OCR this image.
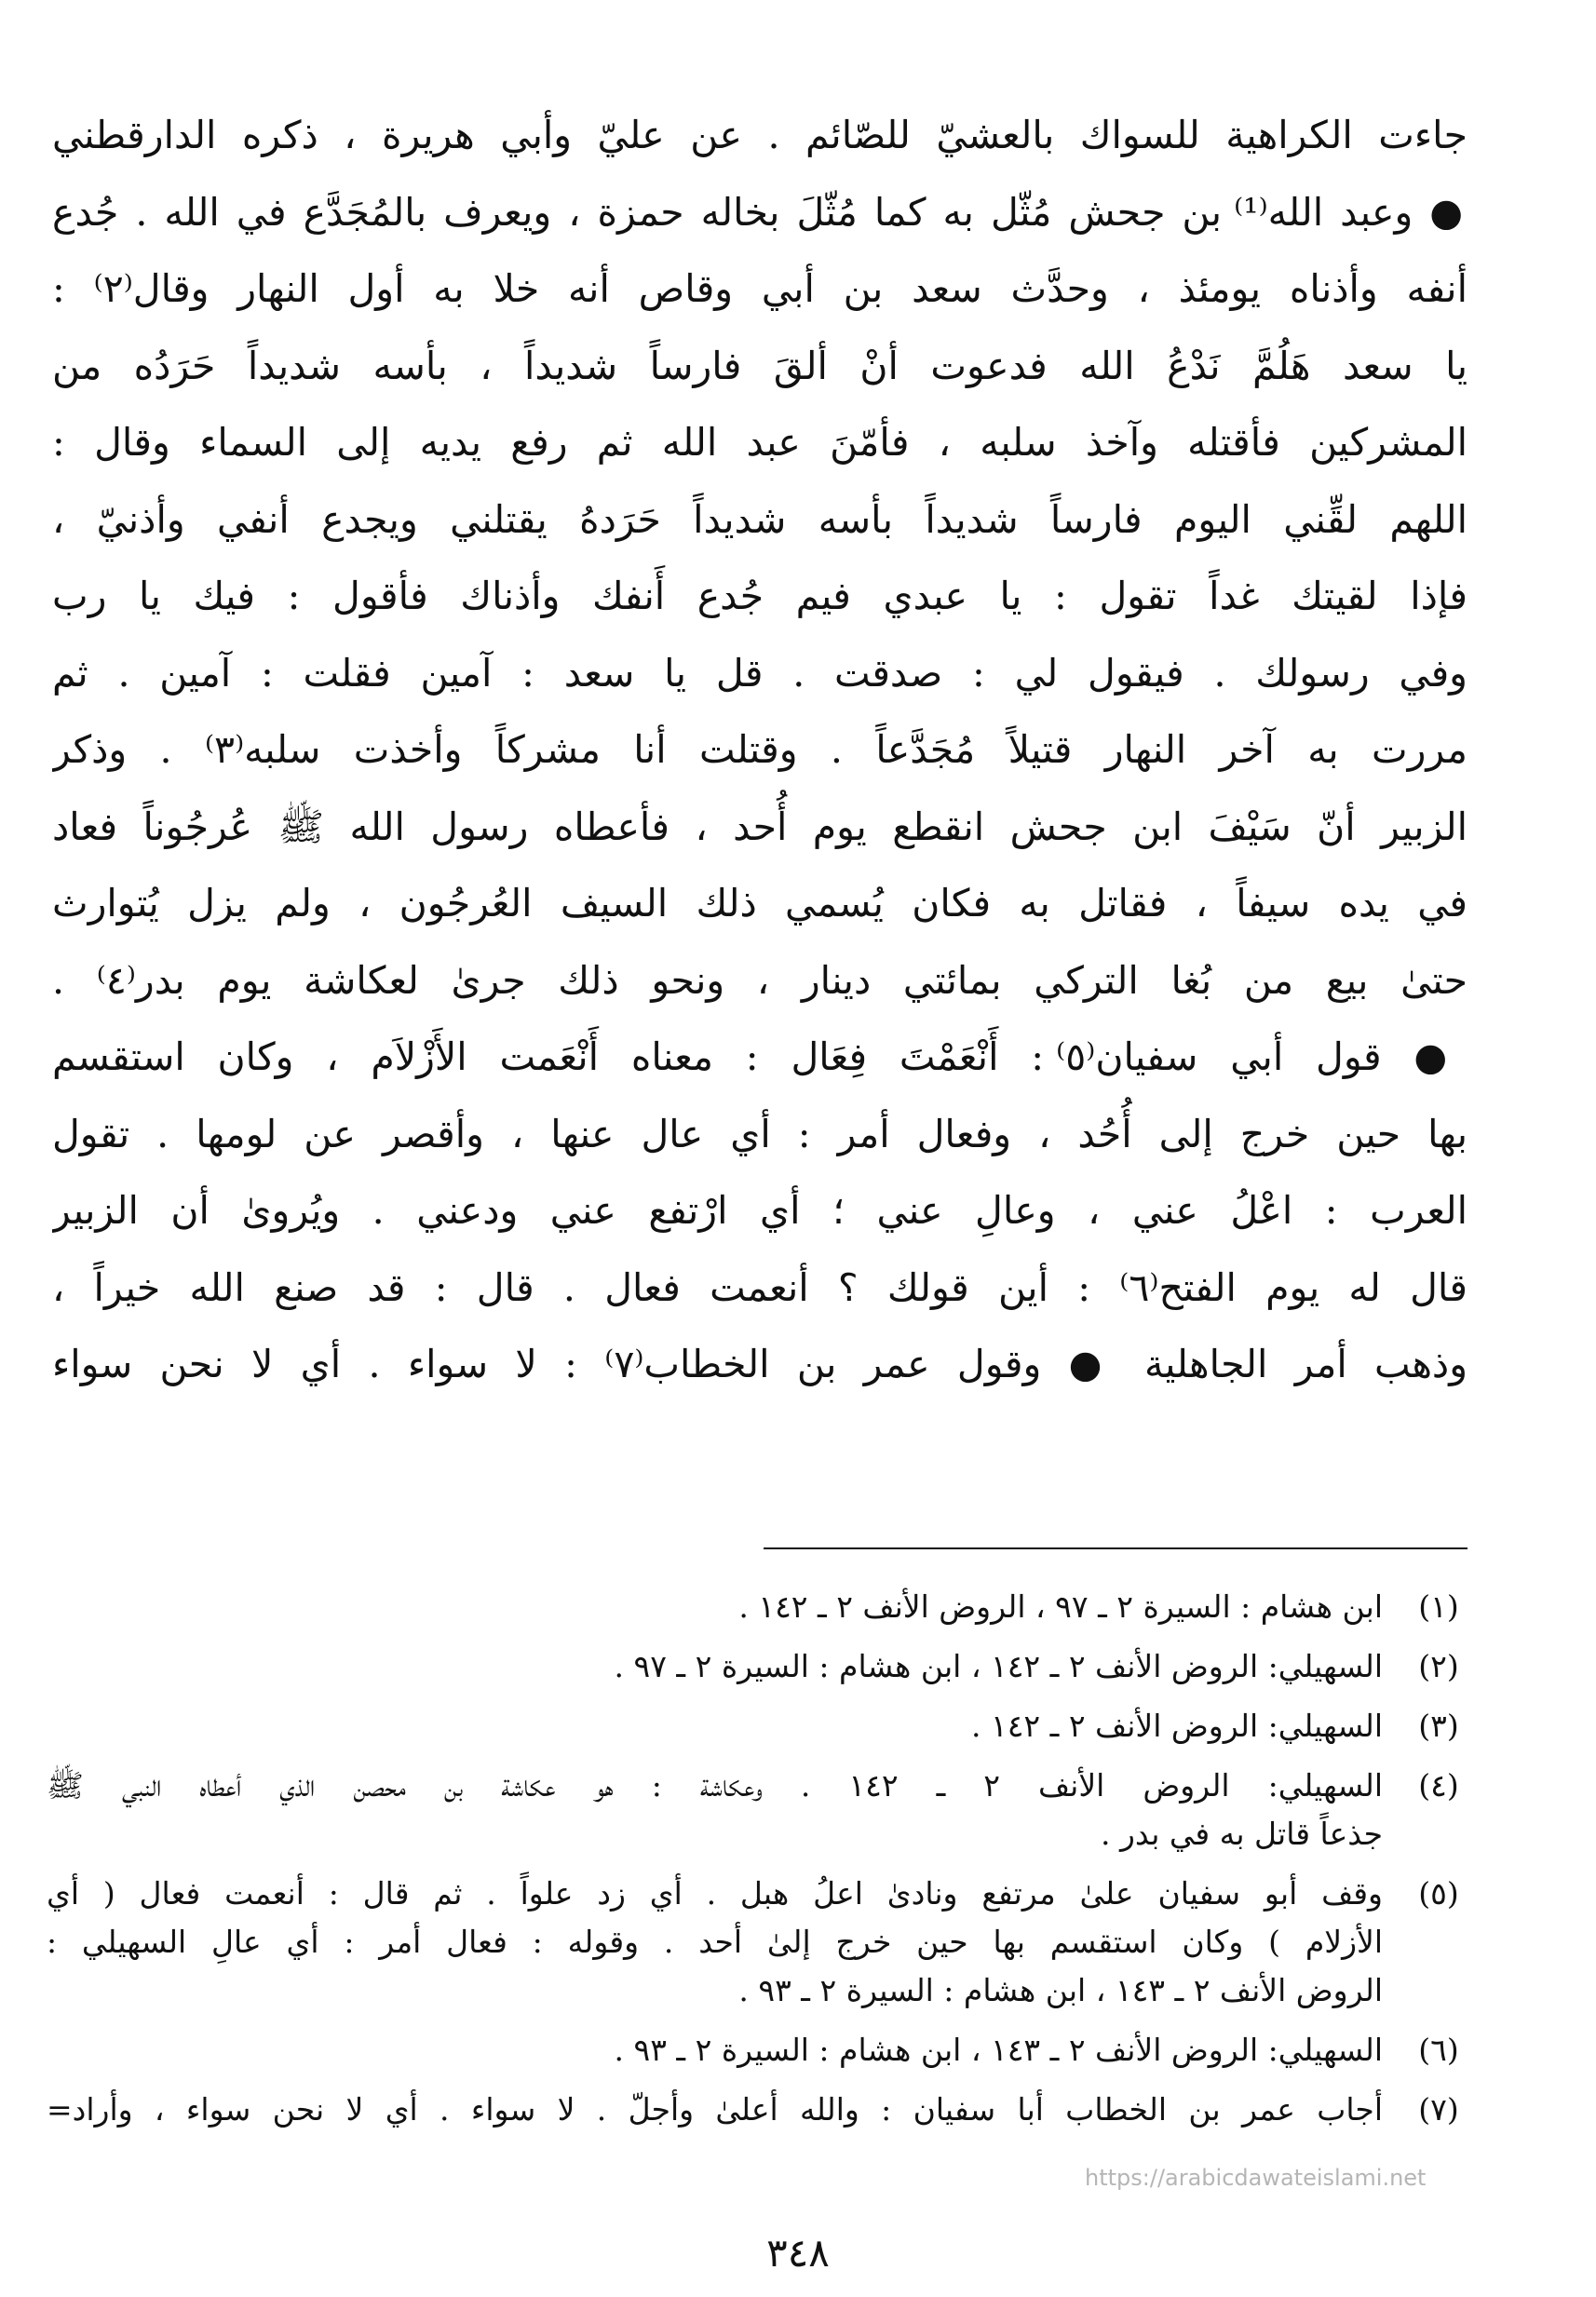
جاءت الكراهية للسواك بالعشيّ للصّائم . عن عليّ وأبي هريرة ، ذكره الدارقطني
● وعبد الله⁽¹⁾ بن جحش مُثّل به كما مُثّلَ بخاله حمزة ، ويعرف بالمُجَدَّع في الله . جُدع
أنفه وأذناه يومئذ ، وحدَّث سعد بن أبي وقاص أنه خلا به أول النهار وقال⁽٢⁾ :
يا سعد هَلُمَّ نَدْعُ الله فدعوت أنْ ألقَ فارساً شديداً ، بأسه شديداً حَرَدُه من
المشركين فأقتله وآخذ سلبه ، فأمّنَ عبد الله ثم رفع يديه إلى السماء وقال :
اللهم لقِّني اليوم فارساً شديداً بأسه شديداً حَرَدهُ يقتلني ويجدع أنفي وأذنيّ ،
فإذا لقيتك غداً تقول : يا عبدي فيم جُدع أَنفك وأذناك فأقول : فيك يا رب
وفي رسولك . فيقول لي : صدقت . قل يا سعد : آمين فقلت : آمين . ثم
مررت به آخر النهار قتيلاً مُجَدَّعاً . وقتلت أنا مشركاً وأخذت سلبه⁽٣⁾ . وذكر
الزبير أنّ سَيْفَ ابن جحش انقطع يوم أُحد ، فأعطاه رسول الله ﷺ عُرجُوناً فعاد
في يده سيفاً ، فقاتل به فكان يُسمي ذلك السيف العُرجُون ، ولم يزل يُتوارث
حتىٰ بيع من بُغا التركي بمائتي دينار ، ونحو ذلك جرىٰ لعكاشة يوم بدر⁽٤⁾ .
● قول أبي سفيان⁽٥⁾ : أَنْعَمْتَ فِعَال : معناه أَنْعَمت الأَزْلاَم ، وكان استقسم
بها حين خرج إلى أُحُد ، وفعال أمر : أي عال عنها ، وأقصر عن لومها . تقول
العرب : اعْلُ عني ، وعالِ عني ؛ أي ارْتفع عني ودعني . ويُروىٰ أن الزبير
قال له يوم الفتح⁽٦⁾ : أين قولك ؟ أنعمت فعال . قال : قد صنع الله خيراً ،
وذهب أمر الجاهلية ● وقول عمر بن الخطاب⁽٧⁾ : لا سواء . أي لا نحن سواء
(١)
ابن هشام : السيرة ٢ ـ ٩٧ ، الروض الأنف ٢ ـ ١٤٢ .
(٢)
السهيلي: الروض الأنف ٢ ـ ١٤٢ ، ابن هشام : السيرة ٢ ـ ٩٧ .
(٣)
السهيلي: الروض الأنف ٢ ـ ١٤٢ .
(٤)
السهيلي: الروض الأنف ٢ ـ ١٤٢ . وعكاشة : هو عكاشة بن محصن الذي أعطاه النبي ﷺ
جذعاً قاتل به في بدر .
(٥)
وقف أبو سفيان علىٰ مرتفع ونادىٰ اعلُ هبل . أي زد علواً . ثم قال : أنعمت فعال ( أي
الأزلام ) وكان استقسم بها حين خرج إلىٰ أحد . وقوله : فعال أمر : أي عالِ السهيلي :
الروض الأنف ٢ ـ ١٤٣ ، ابن هشام : السيرة ٢ ـ ٩٣ .
(٦)
السهيلي: الروض الأنف ٢ ـ ١٤٣ ، ابن هشام : السيرة ٢ ـ ٩٣ .
(٧)
أجاب عمر بن الخطاب أبا سفيان : والله أعلىٰ وأجلّ . لا سواء . أي لا نحن سواء ، وأراد=
https://arabicdawateislami.net
٣٤٨
